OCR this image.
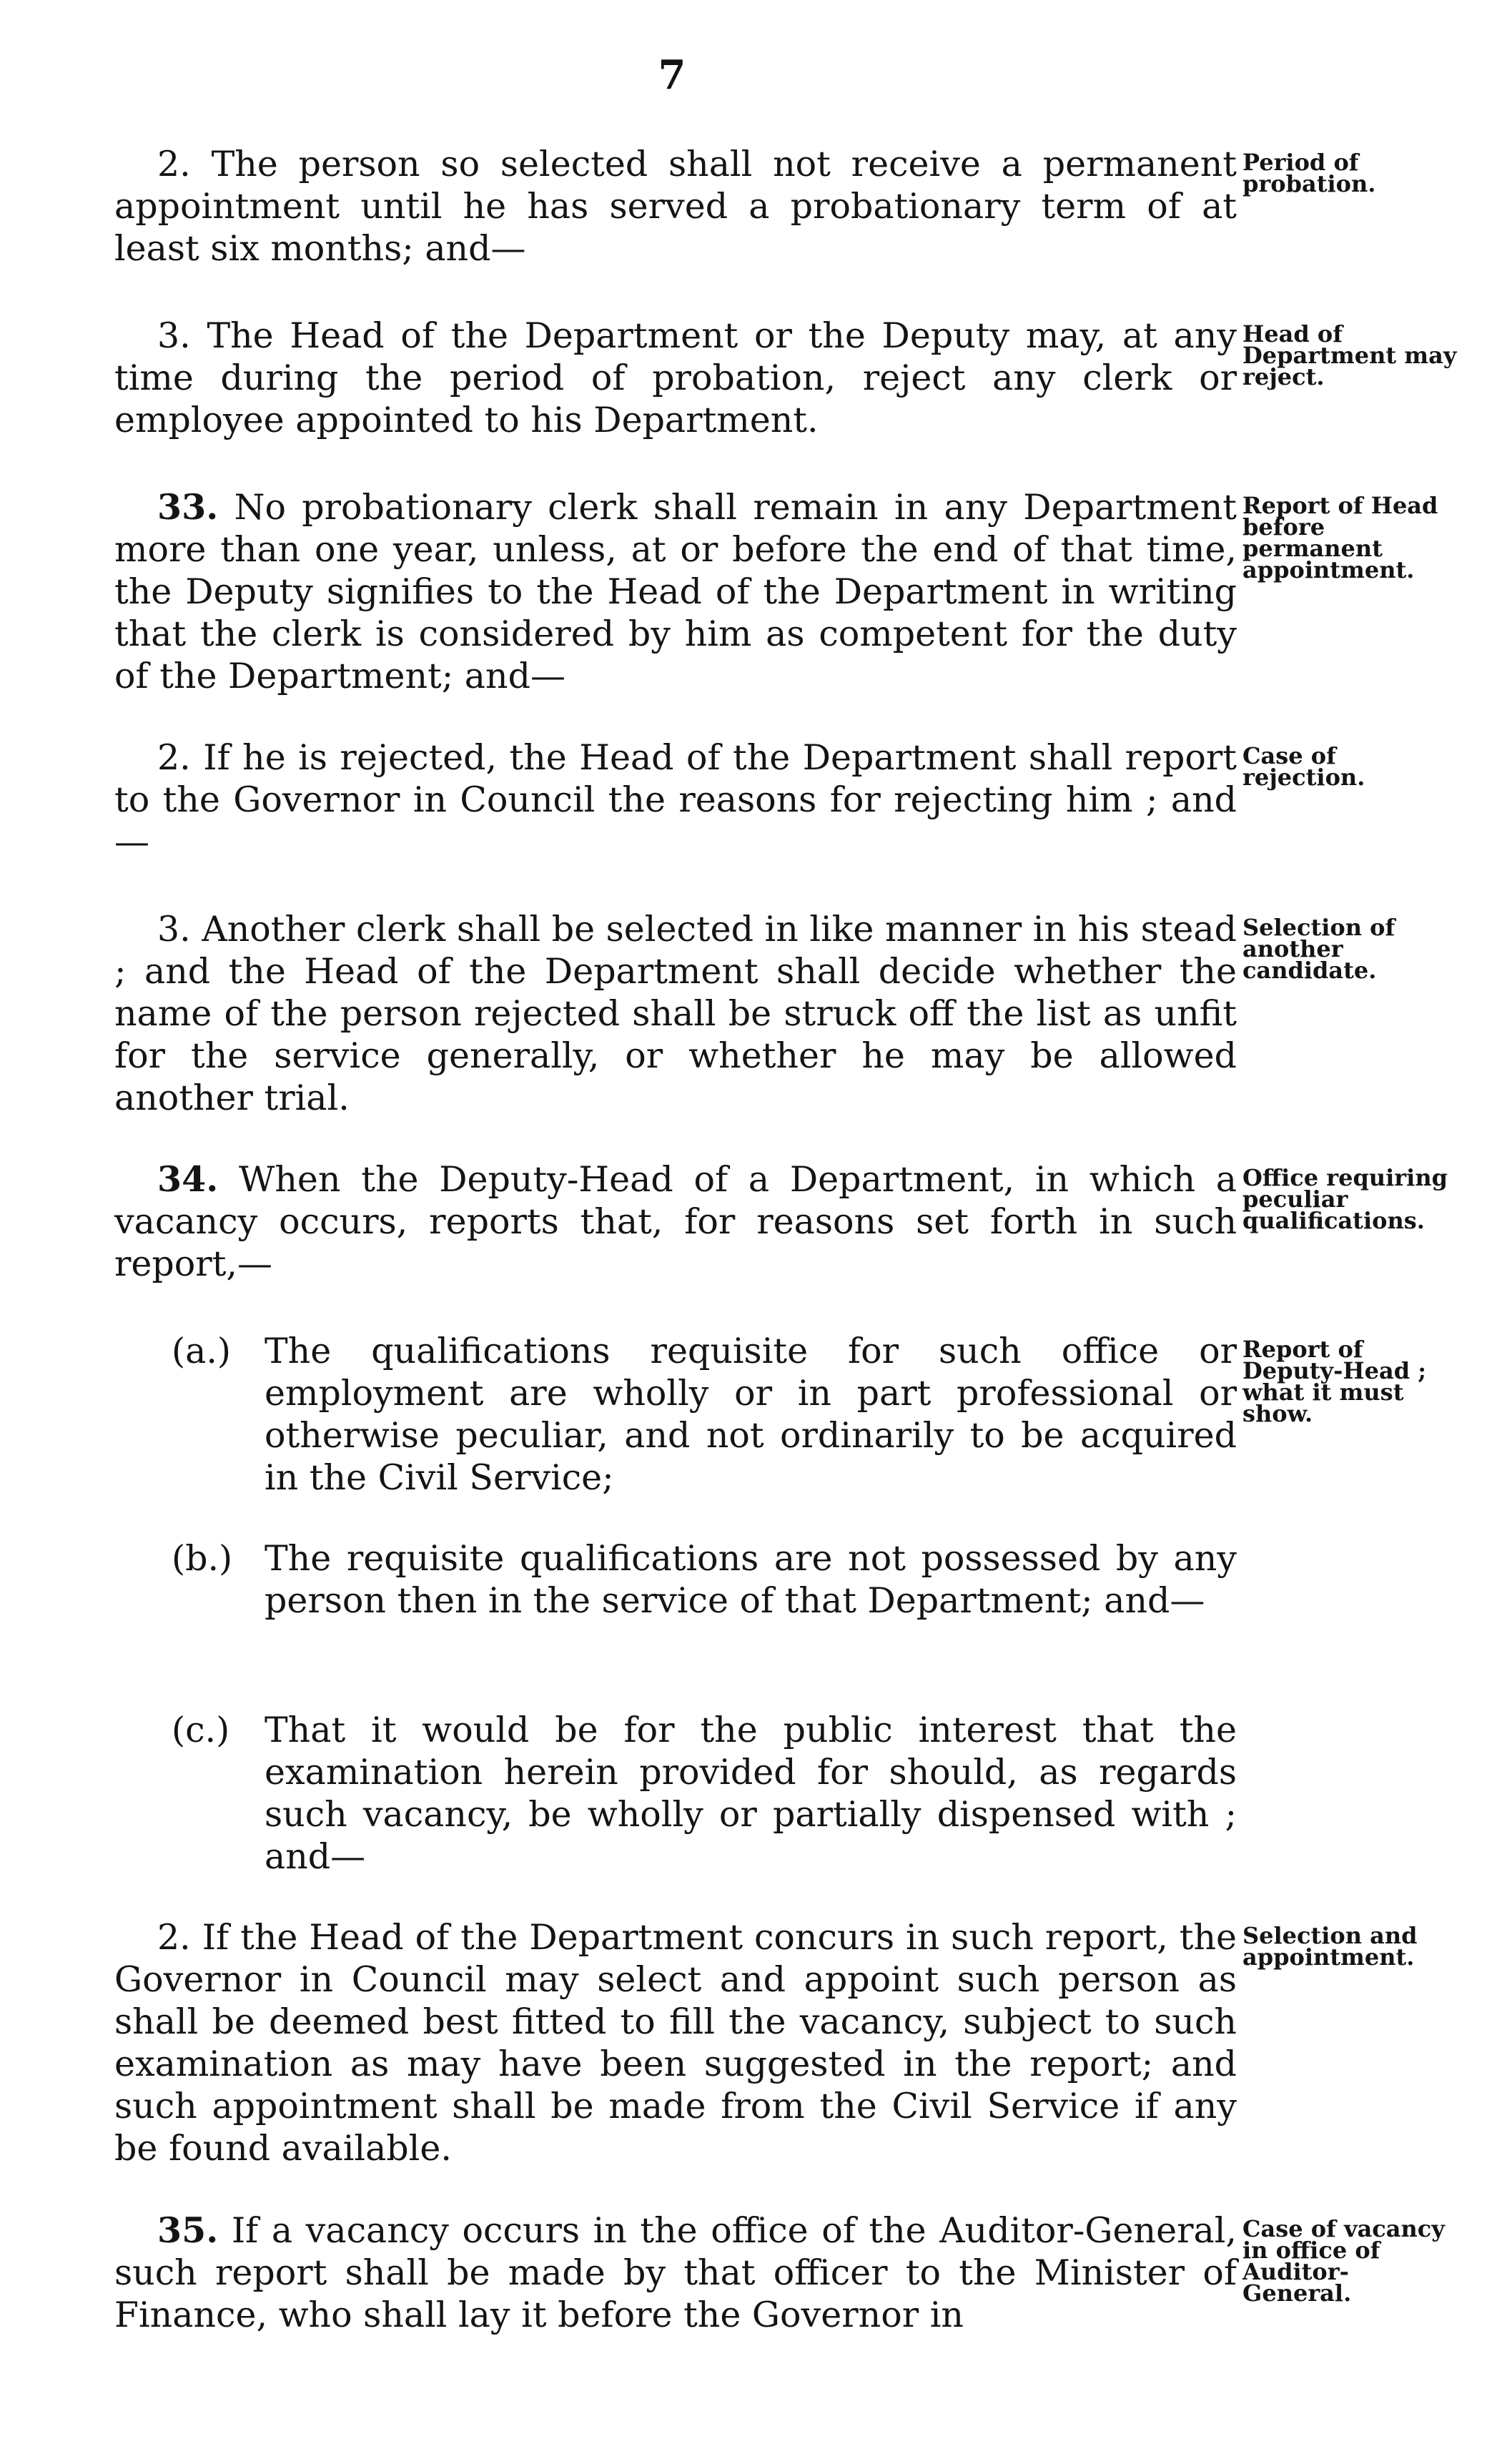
7

2. The person so selected shall not receive a permanent appointment until he has served a probationary term of at least six months; and—

Period of probation.

3. The Head of the Department or the Deputy may, at any time during the period of probation, reject any clerk or employee appointed to his Department.

Head of Department may reject.

33. No probationary clerk shall remain in any Department more than one year, unless, at or before the end of that time, the Deputy signifies to the Head of the Department in writing that the clerk is considered by him as competent for the duty of the Department; and—

Report of Head before permanent appointment.

2. If he is rejected, the Head of the Department shall report to the Governor in Council the reasons for rejecting him ; and—

Case of rejection.

3. Another clerk shall be selected in like manner in his stead ; and the Head of the Department shall decide whether the name of the person rejected shall be struck off the list as unfit for the service generally, or whether he may be allowed another trial.

Selection of another candidate.

34. When the Deputy-Head of a Department, in which a vacancy occurs, reports that, for reasons set forth in such report,—

Office requiring peculiar qualifications.

(a.) The qualifications requisite for such office or employment are wholly or in part professional or otherwise peculiar, and not ordinarily to be acquired in the Civil Service;

Report of Deputy-Head ; what it must show.

(b.) The requisite qualifications are not possessed by any person then in the service of that Department; and—

(c.) That it would be for the public interest that the examination herein provided for should, as regards such vacancy, be wholly or partially dispensed with ; and—

2. If the Head of the Department concurs in such report, the Governor in Council may select and appoint such person as shall be deemed best fitted to fill the vacancy, subject to such examination as may have been suggested in the report; and such appointment shall be made from the Civil Service if any be found available.

Selection and appointment.

35. If a vacancy occurs in the office of the Auditor-General, such report shall be made by that officer to the Minister of Finance, who shall lay it before the Governor in

Case of vacancy in office of Auditor-General.
